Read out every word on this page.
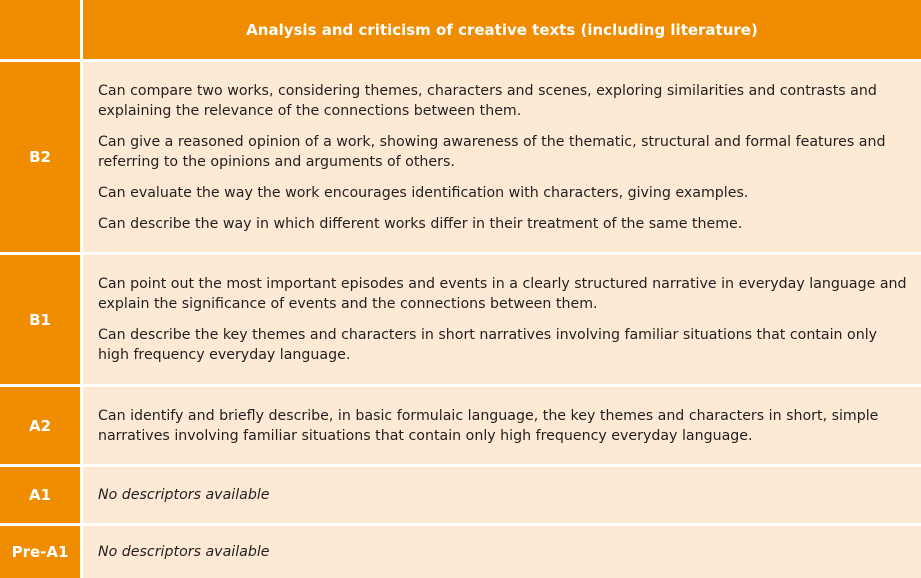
Analysis and criticism of creative texts (including literature)
B2

Can compare two works, considering themes, characters and scenes, exploring similarities and contrasts and explaining the relevance of the connections between them.

Can give a reasoned opinion of a work, showing awareness of the thematic, structural and formal features and referring to the opinions and arguments of others.

Can evaluate the way the work encourages identification with characters, giving examples.

Can describe the way in which different works differ in their treatment of the same theme.

B1

Can point out the most important episodes and events in a clearly structured narrative in everyday language and explain the significance of events and the connections between them.

Can describe the key themes and characters in short narratives involving familiar situations that contain only high frequency everyday language.

A2

Can identify and briefly describe, in basic formulaic language, the key themes and characters in short, simple narratives involving familiar situations that contain only high frequency everyday language.

A1	No descriptors available

Pre-A1	No descriptors available
